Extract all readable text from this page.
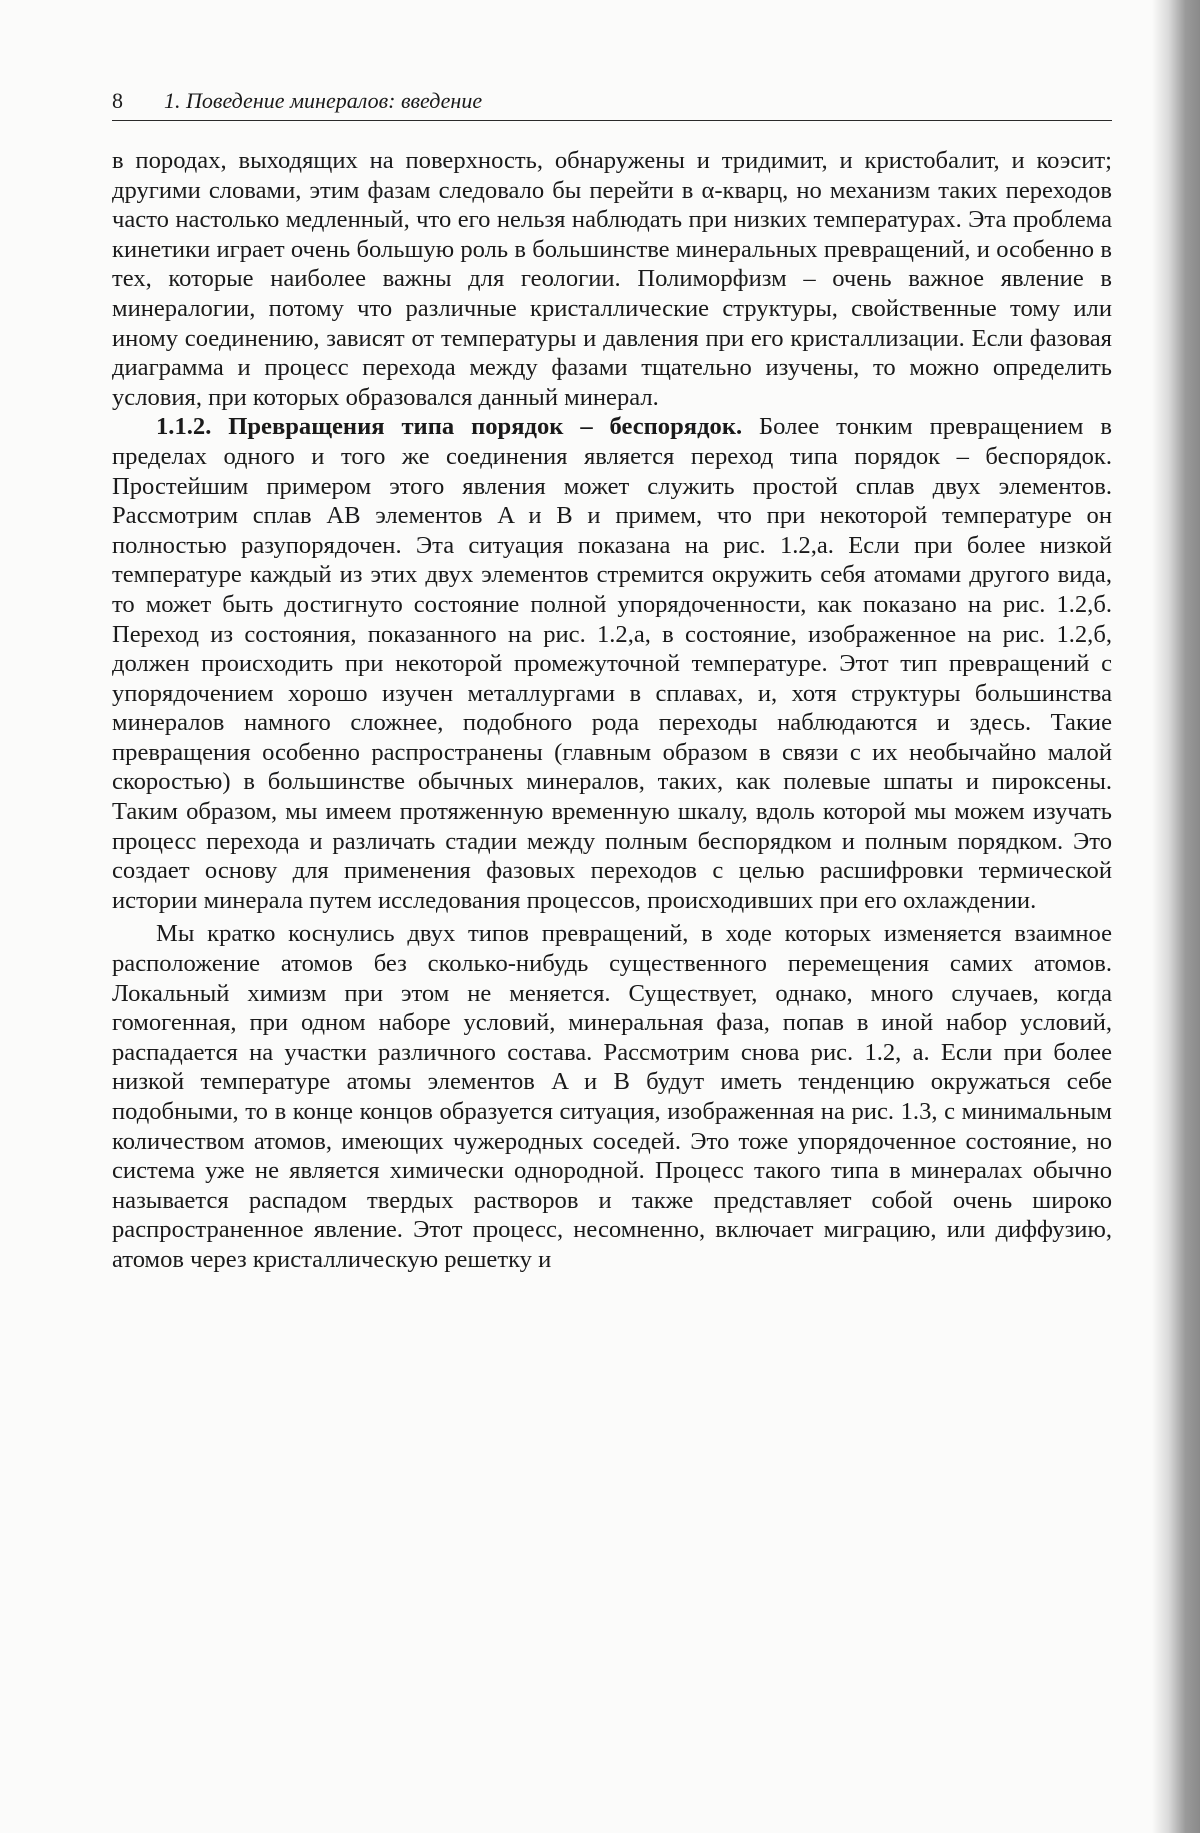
8 1. Поведение минералов: введение

в породах, выходящих на поверхность, обнаружены и тридимит, и кристобалит, и коэсит; другими словами, этим фазам следовало бы перейти в α-кварц, но механизм таких переходов часто настолько медленный, что его нельзя наблюдать при низких температурах. Эта проблема кинетики играет очень большую роль в большинстве минеральных превращений, и особенно в тех, которые наиболее важны для геологии. Полиморфизм – очень важное явление в минералогии, потому что различные кристаллические структуры, свойственные тому или иному соединению, зависят от температуры и давления при его кристаллизации. Если фазовая диаграмма и процесс перехода между фазами тщательно изучены, то можно определить условия, при которых образовался данный минерал.

1.1.2. Превращения типа порядок – беспорядок. Более тонким превращением в пределах одного и того же соединения является переход типа порядок – беспорядок. Простейшим примером этого явления может служить простой сплав двух элементов. Рассмотрим сплав AB элементов A и B и примем, что при некоторой температуре он полностью разупорядочен. Эта ситуация показана на рис. 1.2,а. Если при более низкой температуре каждый из этих двух элементов стремится окружить себя атомами другого вида, то может быть достигнуто состояние полной упорядоченности, как показано на рис. 1.2,б. Переход из состояния, показанного на рис. 1.2,а, в состояние, изображенное на рис. 1.2,б, должен происходить при некоторой промежуточной температуре. Этот тип превращений с упорядочением хорошо изучен металлургами в сплавах, и, хотя структуры большинства минералов намного сложнее, подобного рода переходы наблюдаются и здесь. Такие превращения особенно распространены (главным образом в связи с их необычайно малой скоростью) в большинстве обычных минералов, таких, как полевые шпаты и пироксены. Таким образом, мы имеем протяженную временную шкалу, вдоль которой мы можем изучать процесс перехода и различать стадии между полным беспорядком и полным порядком. Это создает основу для применения фазовых переходов с целью расшифровки термической истории минерала путем исследования процессов, происходивших при его охлаждении.

Мы кратко коснулись двух типов превращений, в ходе которых изменяется взаимное расположение атомов без сколько-нибудь существенного перемещения самих атомов. Локальный химизм при этом не меняется. Существует, однако, много случаев, когда гомогенная, при одном наборе условий, минеральная фаза, попав в иной набор условий, распадается на участки различного состава. Рассмотрим снова рис. 1.2, а. Если при более низкой температуре атомы элементов A и B будут иметь тенденцию окружаться себе подобными, то в конце концов образуется ситуация, изображенная на рис. 1.3, с минимальным количеством атомов, имеющих чужеродных соседей. Это тоже упорядоченное состояние, но система уже не является химически однородной. Процесс такого типа в минералах обычно называется распадом твердых растворов и также представляет собой очень широко распространенное явление. Этот процесс, несомненно, включает миграцию, или диффузию, атомов через кристаллическую решетку и
